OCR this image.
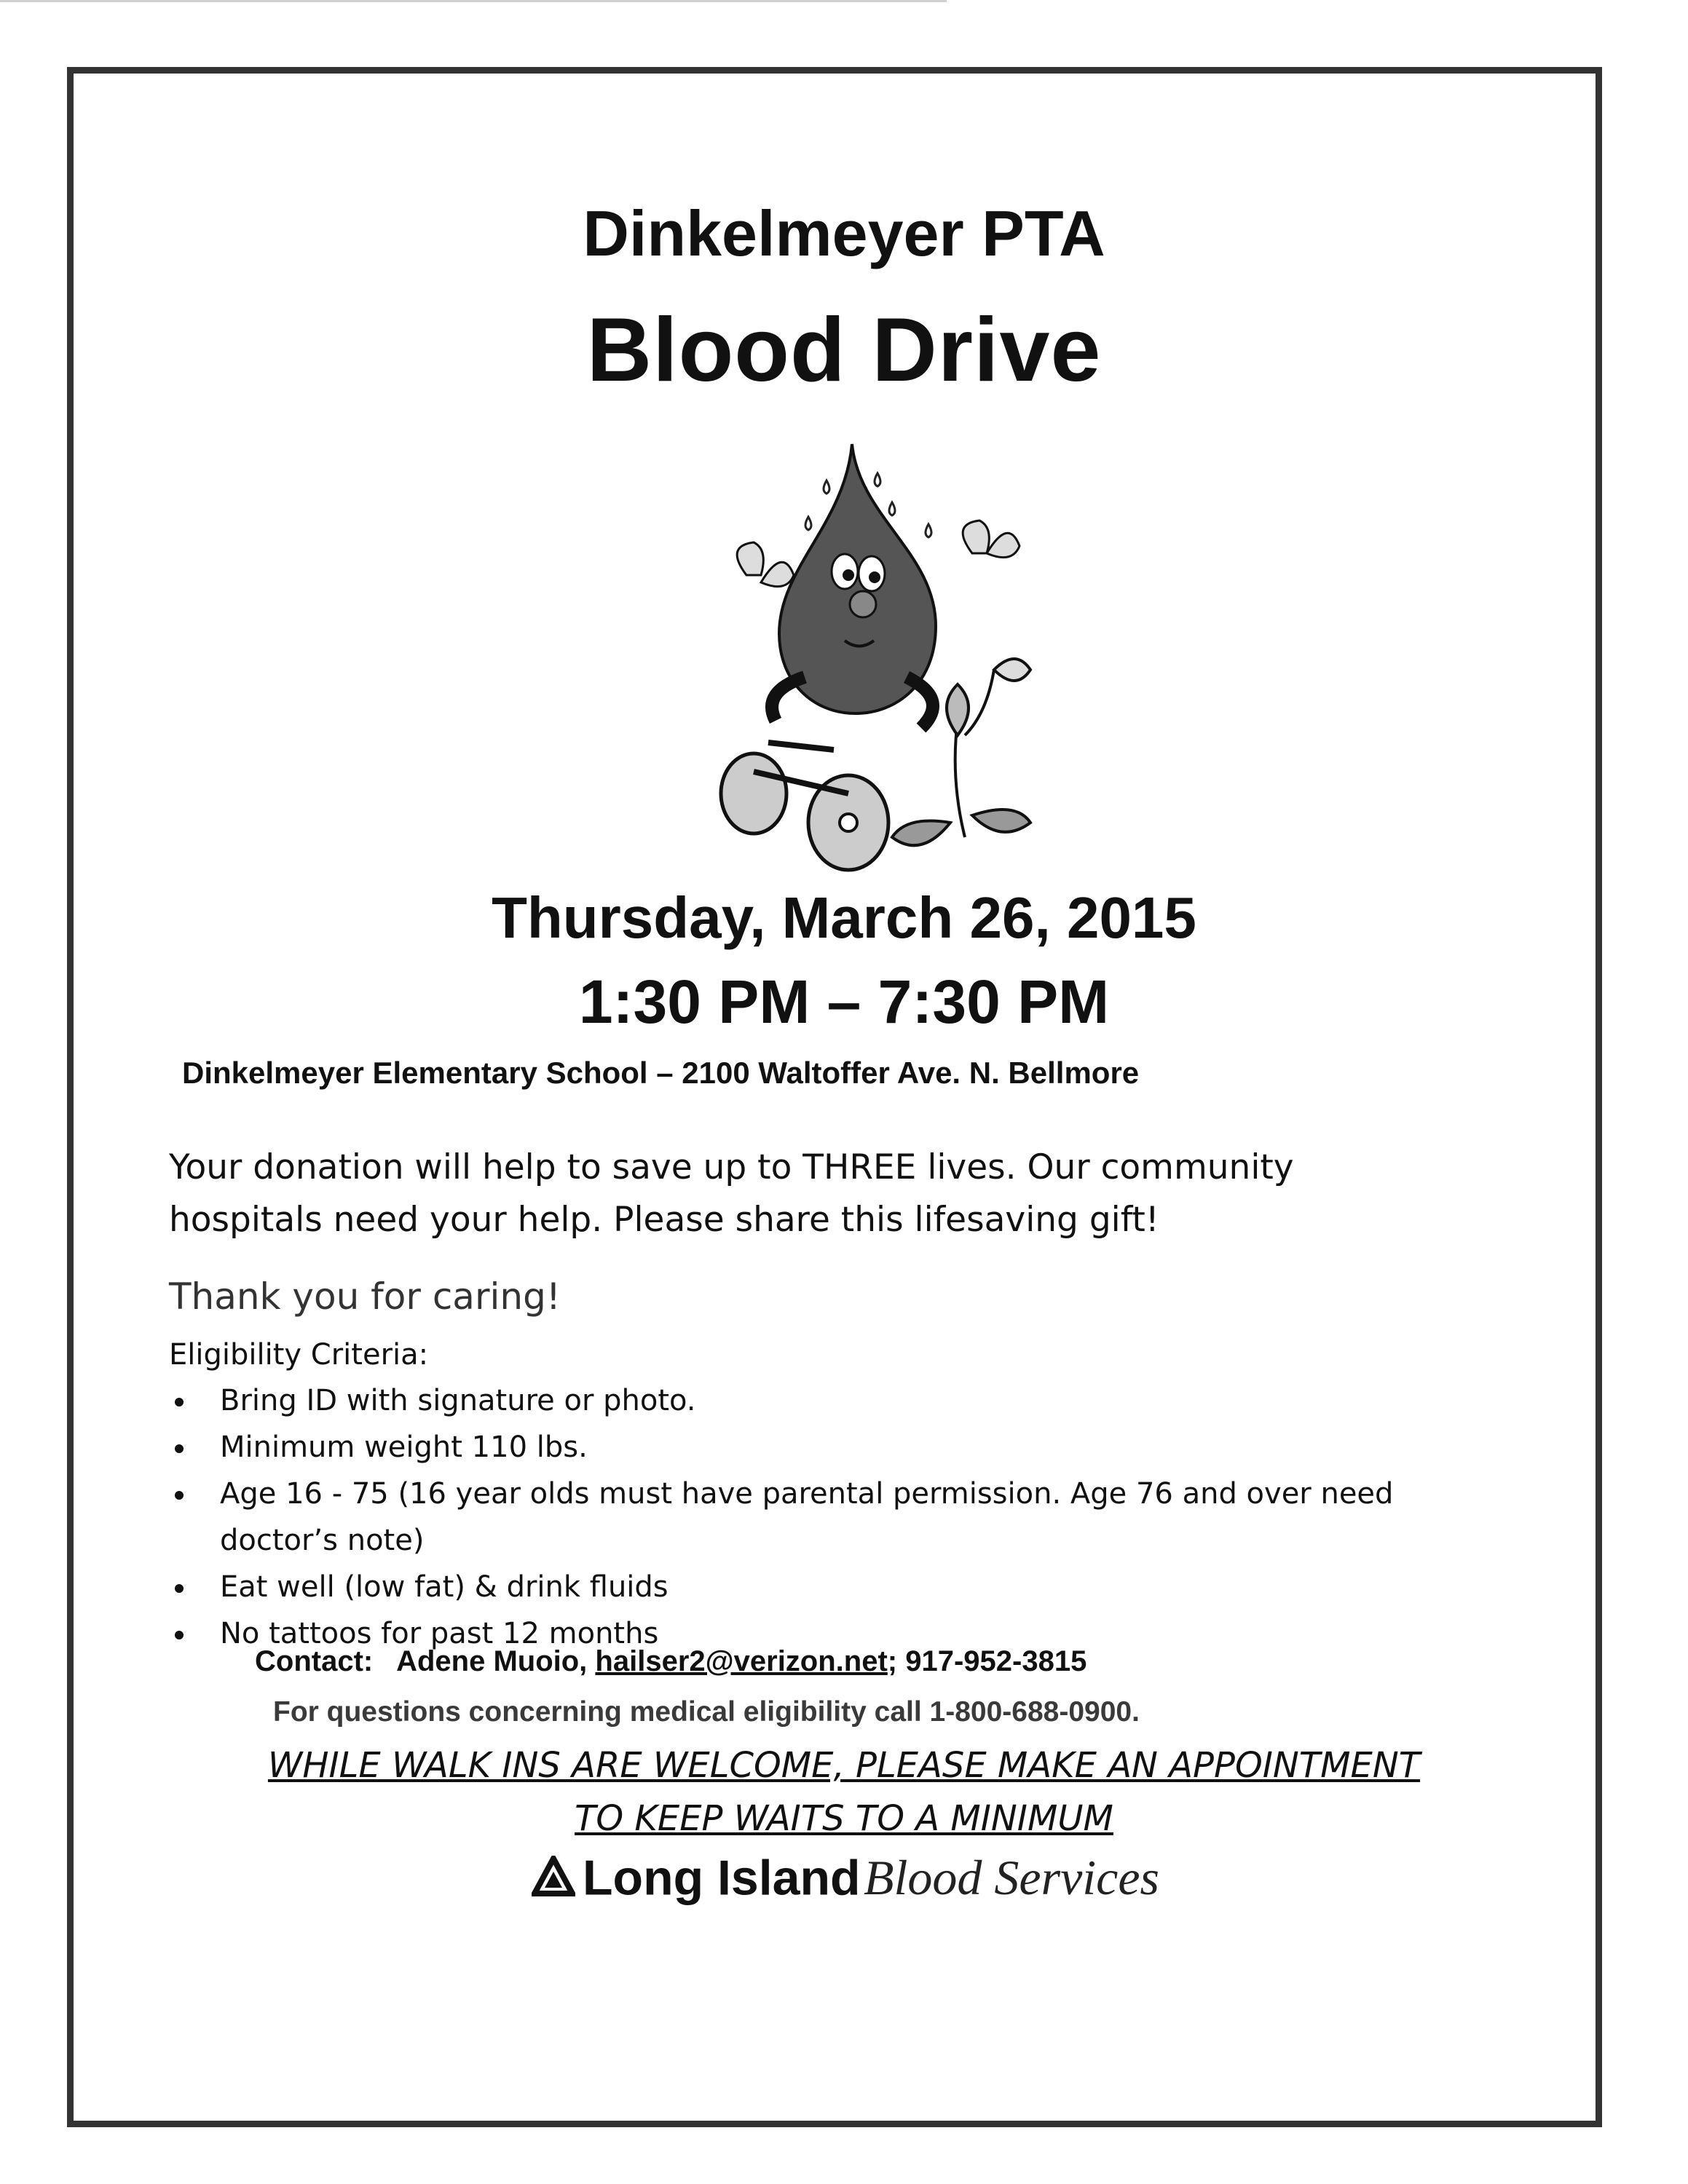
Dinkelmeyer PTA
Blood Drive
Thursday, March 26, 2015
1:30 PM – 7:30 PM
Dinkelmeyer Elementary School – 2100 Waltoffer Ave. N. Bellmore
Your donation will help to save up to THREE lives. Our community
hospitals need your help. Please share this lifesaving gift!
Thank you for caring!
Eligibility Criteria:
Bring ID with signature or photo.
Minimum weight 110 lbs.
Age 16 - 75 (16 year olds must have parental permission. Age 76 and over need doctor’s note)
Eat well (low fat) & drink fluids
No tattoos for past 12 months
Contact: Adene Muoio, hailser2@verizon.net; 917-952-3815
For questions concerning medical eligibility call 1-800-688-0900.
WHILE WALK INS ARE WELCOME, PLEASE MAKE AN APPOINTMENT
TO KEEP WAITS TO A MINIMUM
Long Island Blood Services
